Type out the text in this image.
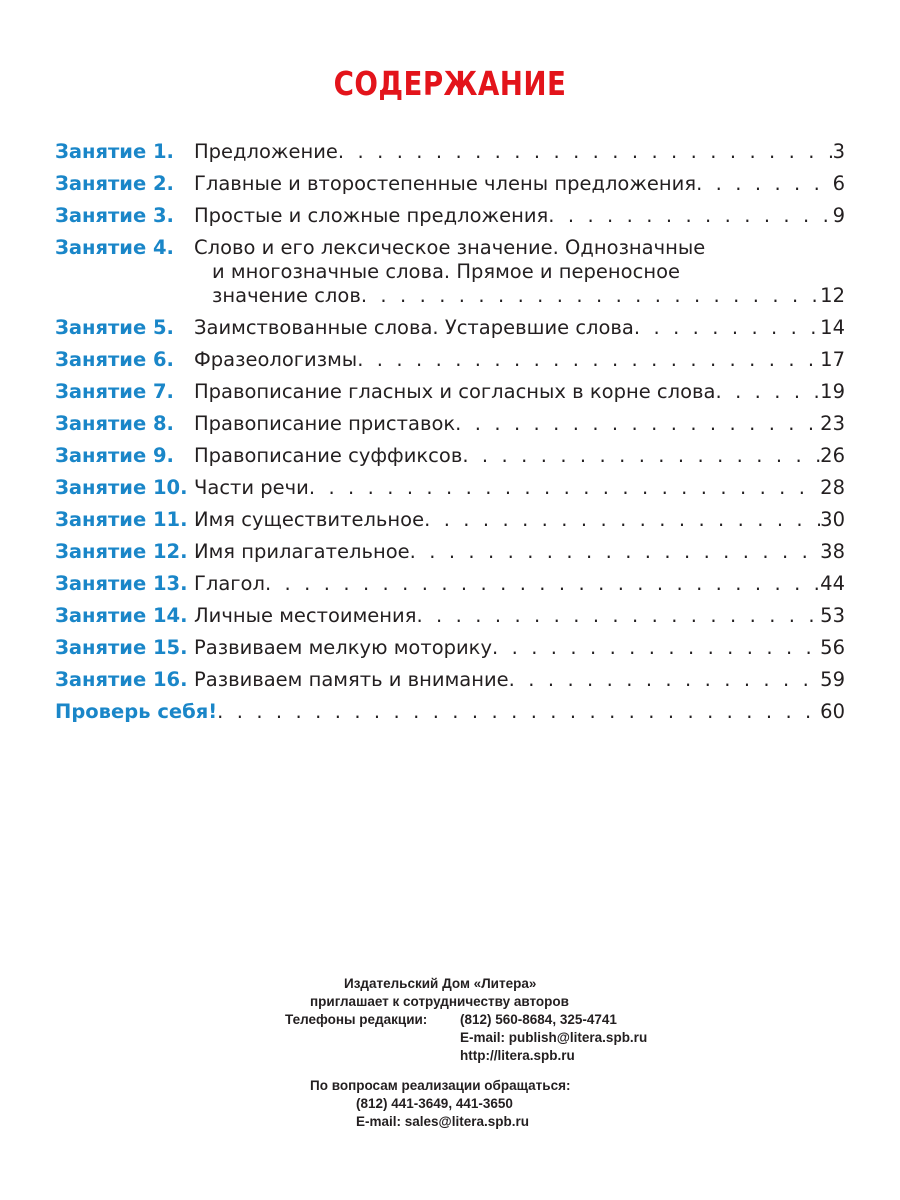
СОДЕРЖАНИЕ
Занятие 1.	Предложение . . .	3
Занятие 2.	Главные и второстепенные члены предложения . . .	6
Занятие 3.	Простые и сложные предложения . . .	9
Занятие 4.	Слово и его лексическое значение. Однозначные
и многозначные слова. Прямое и переносное
значение слов . . .	12
Занятие 5.	Заимствованные слова. Устаревшие слова . . .	14
Занятие 6.	Фразеологизмы . . .	17
Занятие 7.	Правописание гласных и согласных в корне слова . . .	19
Занятие 8.	Правописание приставок . . .	23
Занятие 9.	Правописание суффиксов . . .	26
Занятие 10. Части речи . . .	28
Занятие 11. Имя существительное . . .	30
Занятие 12. Имя прилагательное . . .	38
Занятие 13. Глагол . . .	44
Занятие 14. Личные местоимения . . .	53
Занятие 15. Развиваем мелкую моторику . . .	56
Занятие 16. Развиваем память и внимание . . .	59
Проверь себя! . . .	60
Издательский Дом «Литера»
приглашает к сотрудничеству авторов
Телефоны редакции: (812) 560-8684, 325-4741
E-mail: publish@litera.spb.ru
http://litera.spb.ru
По вопросам реализации обращаться:
(812) 441-3649, 441-3650
E-mail: sales@litera.spb.ru
